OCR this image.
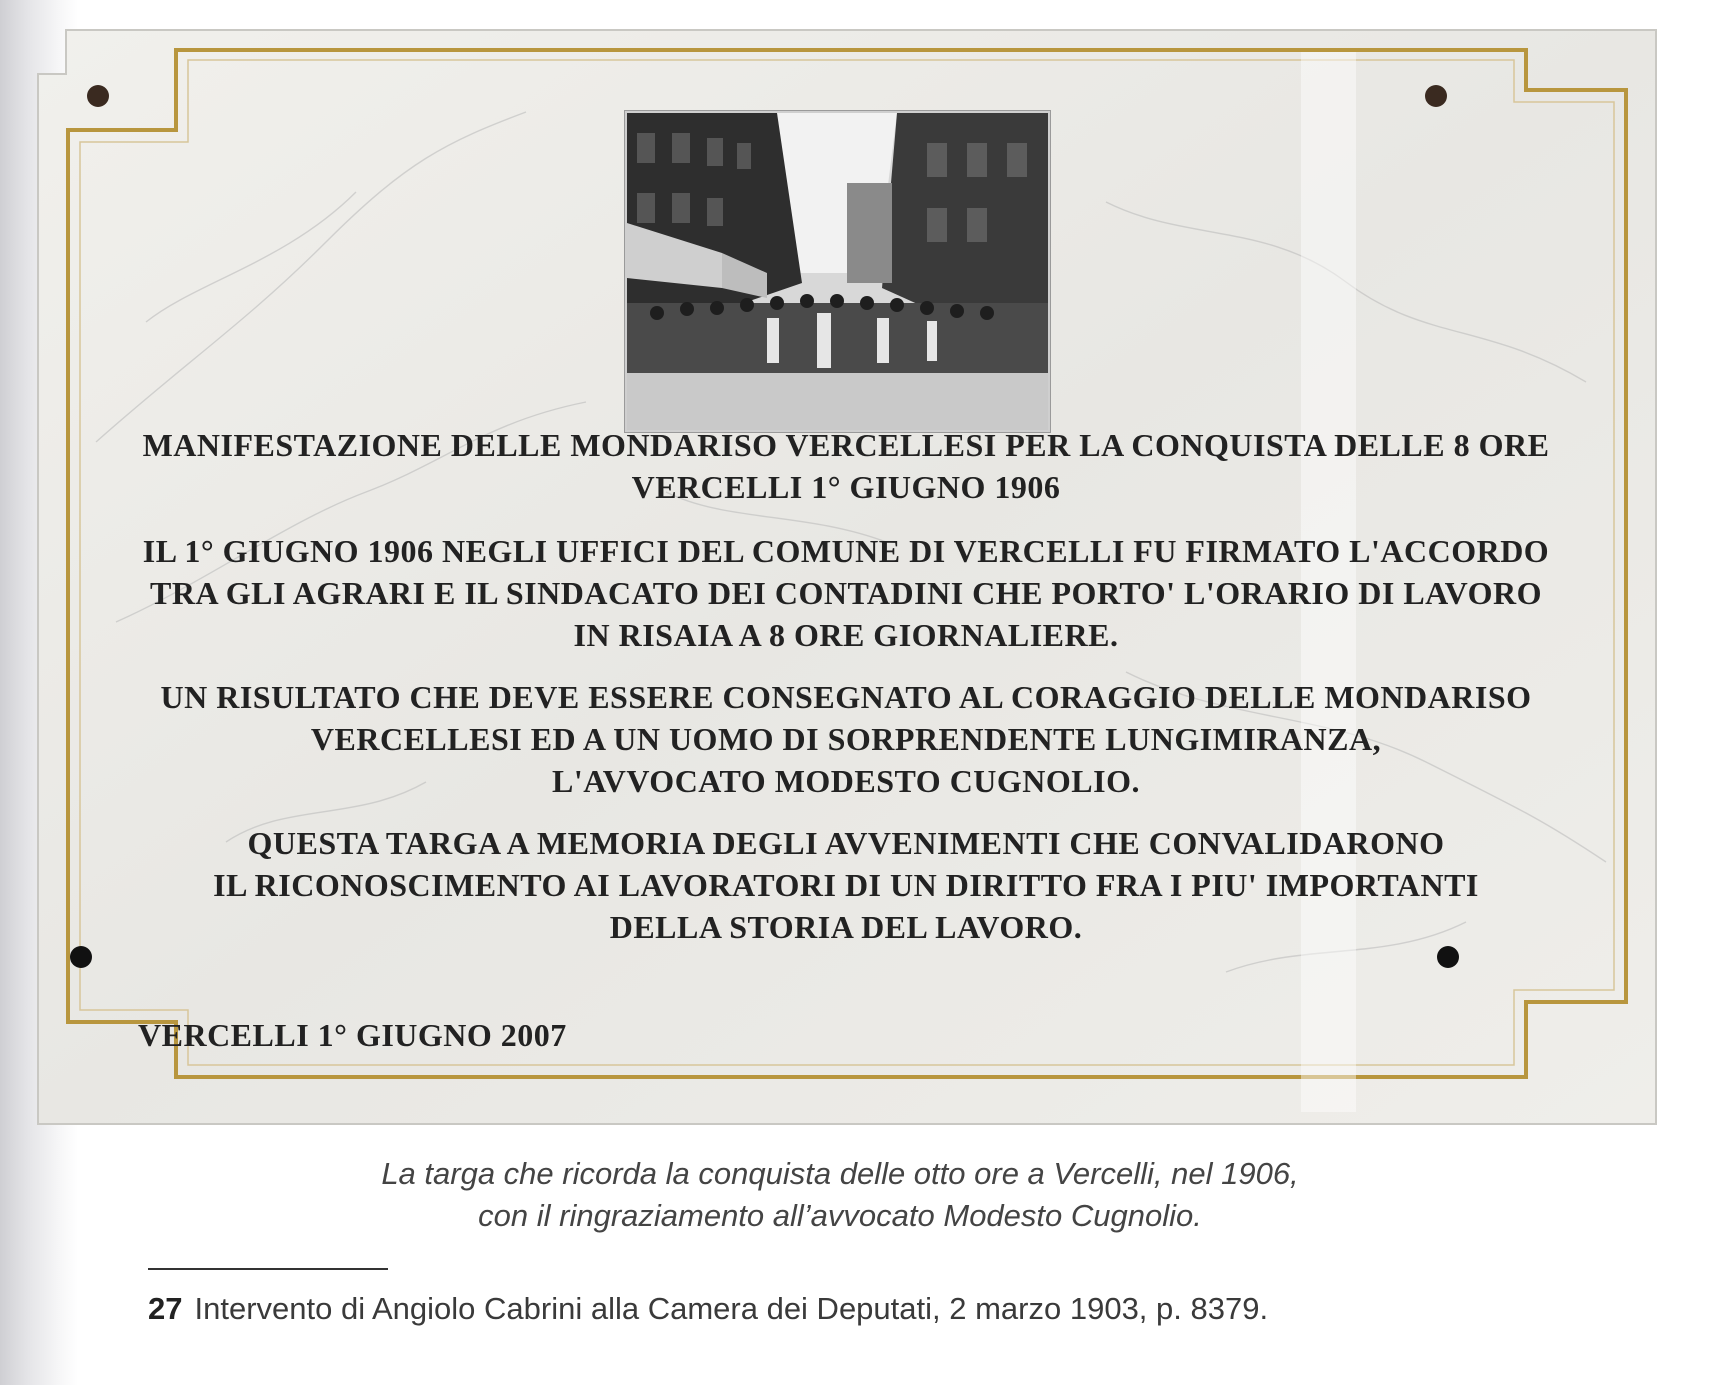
MANIFESTAZIONE DELLE MONDARISO VERCELLESI PER LA CONQUISTA DELLE 8 ORE
VERCELLI 1° GIUGNO 1906
IL 1° GIUGNO 1906 NEGLI UFFICI DEL COMUNE DI VERCELLI FU FIRMATO L'ACCORDO
TRA GLI AGRARI E IL SINDACATO DEI CONTADINI CHE PORTO' L'ORARIO DI LAVORO
IN RISAIA A 8 ORE GIORNALIERE.
UN RISULTATO CHE DEVE ESSERE CONSEGNATO AL CORAGGIO DELLE MONDARISO
VERCELLESI ED A UN UOMO DI SORPRENDENTE LUNGIMIRANZA,
L'AVVOCATO MODESTO CUGNOLIO.
QUESTA TARGA A MEMORIA DEGLI AVVENIMENTI CHE CONVALIDARONO
IL RICONOSCIMENTO AI LAVORATORI DI UN DIRITTO FRA I PIU' IMPORTANTI
DELLA STORIA DEL LAVORO.

VERCELLI 1° GIUGNO 2007

La targa che ricorda la conquista delle otto ore a Vercelli, nel 1906,
con il ringraziamento all’avvocato Modesto Cugnolio.

27 Intervento di Angiolo Cabrini alla Camera dei Deputati, 2 marzo 1903, p. 8379.
